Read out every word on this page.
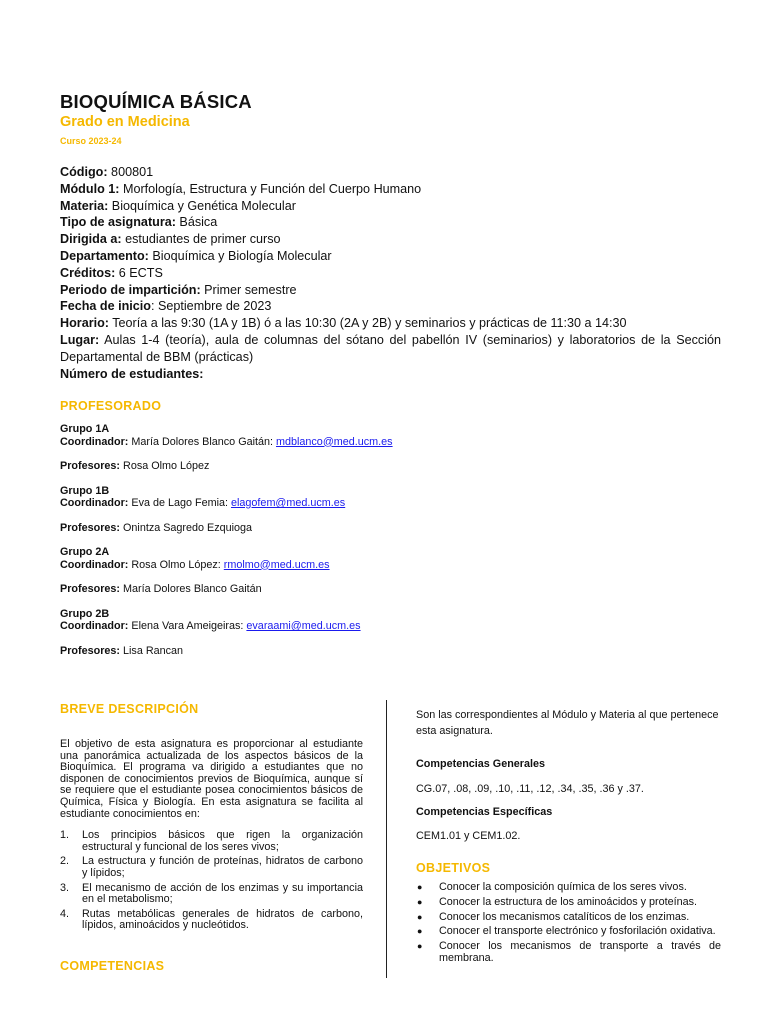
BIOQUÍMICA BÁSICA

Grado en Medicina

Curso 2023-24

Código: 800801

Módulo 1: Morfología, Estructura y Función del Cuerpo Humano

Materia: Bioquímica y Genética Molecular

Tipo de asignatura: Básica

Dirigida a: estudiantes de primer curso

Departamento: Bioquímica y Biología Molecular

Créditos: 6 ECTS

Periodo de impartición: Primer semestre

Fecha de inicio: Septiembre de 2023

Horario: Teoría a las 9:30 (1A y 1B) ó a las 10:30 (2A y 2B) y seminarios y prácticas de 11:30 a 14:30

Lugar: Aulas 1-4 (teoría), aula de columnas del sótano del pabellón IV (seminarios) y laboratorios de la Sección Departamental de BBM (prácticas)

Número de estudiantes:

PROFESORADO

Grupo 1A

Coordinador: María Dolores Blanco Gaitán: mdblanco@med.ucm.es

Profesores: Rosa Olmo López

Grupo 1B

Coordinador: Eva de Lago Femia: elagofem@med.ucm.es

Profesores: Onintza Sagredo Ezquioga

Grupo 2A

Coordinador: Rosa Olmo López: rmolmo@med.ucm.es

Profesores: María Dolores Blanco Gaitán

Grupo 2B

Coordinador: Elena Vara Ameigeiras: evaraami@med.ucm.es

Profesores: Lisa Rancan

BREVE DESCRIPCIÓN

El objetivo de esta asignatura es proporcionar al estudiante una panorámica actualizada de los aspectos básicos de la Bioquímica. El programa va dirigido a estudiantes que no disponen de conocimientos previos de Bioquímica, aunque sí se requiere que el estudiante posea conocimientos básicos de Química, Física y Biología. En esta asignatura se facilita al estudiante conocimientos en:

1. Los principios básicos que rigen la organización estructural y funcional de los seres vivos;
2. La estructura y función de proteínas, hidratos de carbono y lípidos;
3. El mecanismo de acción de los enzimas y su importancia en el metabolismo;
4. Rutas metabólicas generales de hidratos de carbono, lípidos, aminoácidos y nucleótidos.
COMPETENCIAS

Son las correspondientes al Módulo y Materia al que pertenece esta asignatura.

Competencias Generales

CG.07, .08, .09, .10, .11, .12, .34, .35, .36 y .37.

Competencias Específicas

CEM1.01 y CEM1.02.

OBJETIVOS
● Conocer la composición química de los seres vivos.
● Conocer la estructura de los aminoácidos y proteínas.
● Conocer los mecanismos catalíticos de los enzimas.
● Conocer el transporte electrónico y fosforilación oxidativa.
● Conocer los mecanismos de transporte a través de membrana.
